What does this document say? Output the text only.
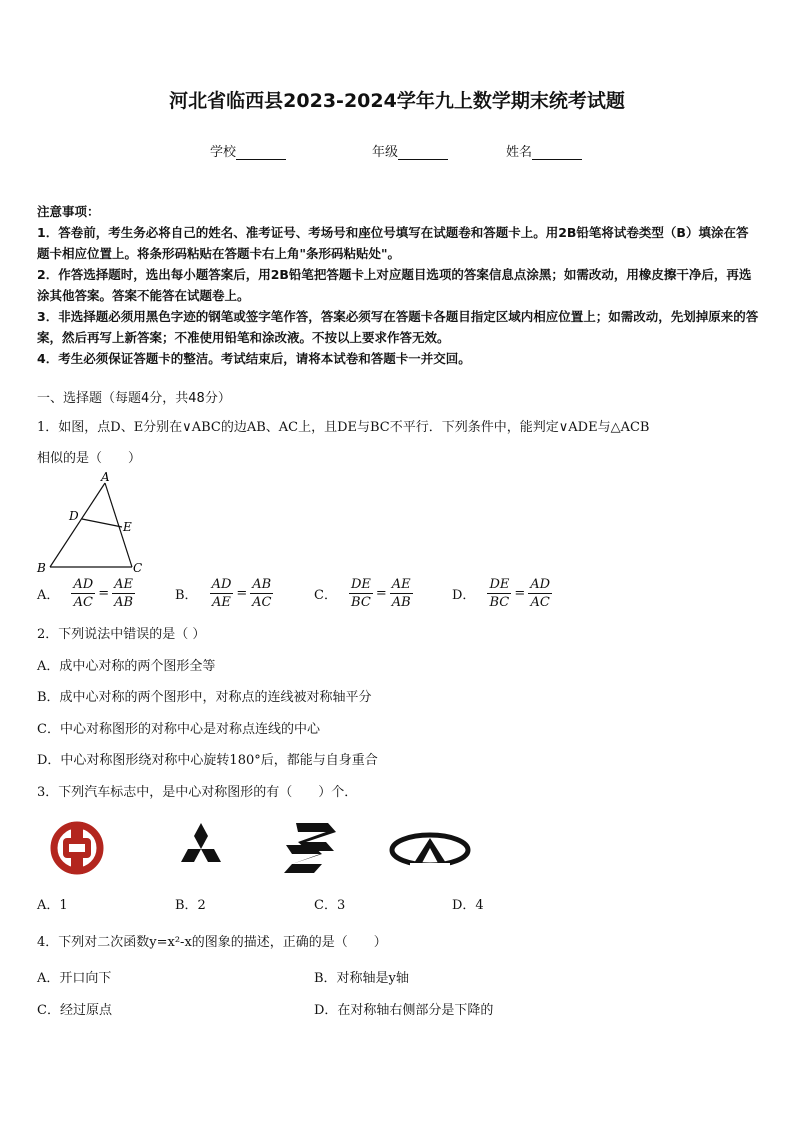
河北省临西县2023-2024学年九上数学期末统考试题
学校	年级	姓名

注意事项：

1．答卷前，考生务必将自己的姓名、准考证号、考场号和座位号填写在试题卷和答题卡上。用2B铅笔将试卷类型（B）填涂在答题卡相应位置上。将条形码粘贴在答题卡右上角"条形码粘贴处"。

2．作答选择题时，选出每小题答案后，用2B铅笔把答题卡上对应题目选项的答案信息点涂黑；如需改动，用橡皮擦干净后，再选涂其他答案。答案不能答在试题卷上。

3．非选择题必须用黑色字迹的钢笔或签字笔作答，答案必须写在答题卡各题目指定区域内相应位置上；如需改动，先划掉原来的答案，然后再写上新答案；不准使用铅笔和涂改液。不按以上要求作答无效。

4．考生必须保证答题卡的整洁。考试结束后，请将本试卷和答题卡一并交回。

一、选择题（每题4分，共48分）
1．如图，点D、E分别在∨ABC的边AB、AC上，且DE与BC不平行．下列条件中，能判定∨ADE与△ACB
相似的是（　　）
A
D
E
B	C
A． $\frac{AD}{AC} = \frac{AE}{AB}$	B． $\frac{AD}{AE} = \frac{AB}{AC}$	C． $\frac{DE}{BC} = \frac{AE}{AB}$	D． $\frac{DE}{BC} = \frac{AD}{AC}$
2．下列说法中错误的是（ ）
A．成中心对称的两个图形全等
B．成中心对称的两个图形中，对称点的连线被对称轴平分
C．中心对称图形的对称中心是对称点连线的中心
D．中心对称图形绕对称中心旋转180°后，都能与自身重合
3．下列汽车标志中，是中心对称图形的有（　　）个．
A．1	B．2	C．3	D．4
4．下列对二次函数y=x²-x的图象的描述，正确的是（　　）
A．开口向下	B．对称轴是y轴
C．经过原点	D．在对称轴右侧部分是下降的
